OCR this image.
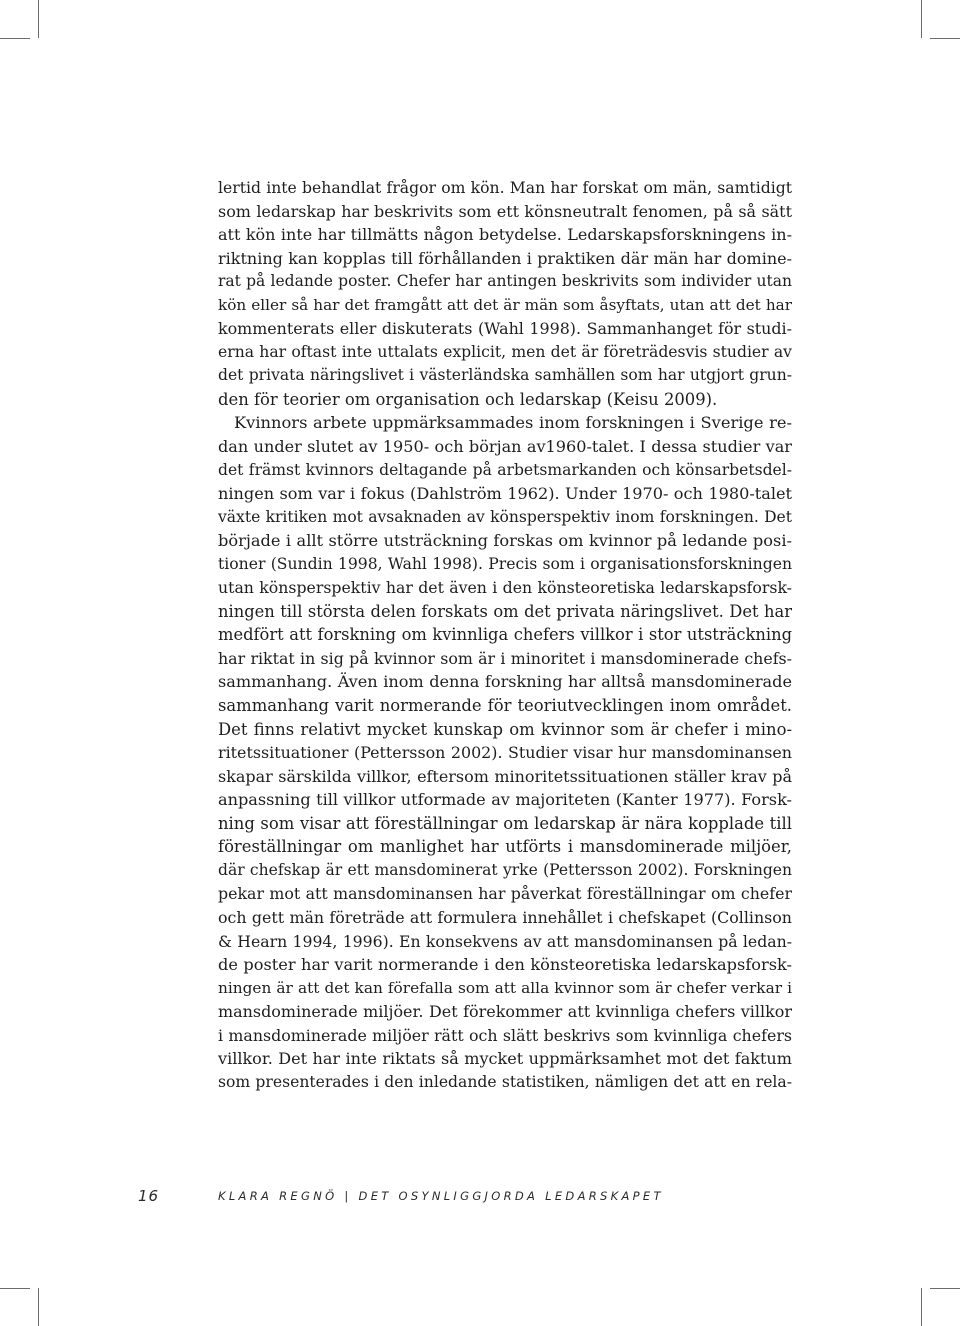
lertid inte behandlat frågor om kön. Man har forskat om män, samtidigt
som ledarskap har beskrivits som ett könsneutralt fenomen, på så sätt
att kön inte har tillmätts någon betydelse. Ledarskapsforskningens in-
riktning kan kopplas till förhållanden i praktiken där män har domine-
rat på ledande poster. Chefer har antingen beskrivits som individer utan
kön eller så har det framgått att det är män som åsyftats, utan att det har
kommenterats eller diskuterats (Wahl 1998). Sammanhanget för studi-
erna har oftast inte uttalats explicit, men det är företrädesvis studier av
det privata näringslivet i västerländska samhällen som har utgjort grun-
den för teorier om organisation och ledarskap (Keisu 2009).
Kvinnors arbete uppmärksammades inom forskningen i Sverige re-
dan under slutet av 1950- och början av1960-talet. I dessa studier var
det främst kvinnors deltagande på arbetsmarkanden och könsarbetsdel-
ningen som var i fokus (Dahlström 1962). Under 1970- och 1980-talet
växte kritiken mot avsaknaden av könsperspektiv inom forskningen. Det
började i allt större utsträckning forskas om kvinnor på ledande posi-
tioner (Sundin 1998, Wahl 1998). Precis som i organisationsforskningen
utan könsperspektiv har det även i den könsteoretiska ledarskapsforsk-
ningen till största delen forskats om det privata näringslivet. Det har
medfört att forskning om kvinnliga chefers villkor i stor utsträckning
har riktat in sig på kvinnor som är i minoritet i mansdominerade chefs-
sammanhang. Även inom denna forskning har alltså mansdominerade
sammanhang varit normerande för teoriutvecklingen inom området.
Det finns relativt mycket kunskap om kvinnor som är chefer i mino-
ritetssituationer (Pettersson 2002). Studier visar hur mansdominansen
skapar särskilda villkor, eftersom minoritetssituationen ställer krav på
anpassning till villkor utformade av majoriteten (Kanter 1977). Forsk-
ning som visar att föreställningar om ledarskap är nära kopplade till
föreställningar om manlighet har utförts i mansdominerade miljöer,
där chefskap är ett mansdominerat yrke (Pettersson 2002). Forskningen
pekar mot att mansdominansen har påverkat föreställningar om chefer
och gett män företräde att formulera innehållet i chefskapet (Collinson
& Hearn 1994, 1996). En konsekvens av att mansdominansen på ledan-
de poster har varit normerande i den könsteoretiska ledarskapsforsk-
ningen är att det kan förefalla som att alla kvinnor som är chefer verkar i
mansdominerade miljöer. Det förekommer att kvinnliga chefers villkor
i mansdominerade miljöer rätt och slätt beskrivs som kvinnliga chefers
villkor. Det har inte riktats så mycket uppmärksamhet mot det faktum
som presenterades i den inledande statistiken, nämligen det att en rela-
16	KLARA REGNÖ | DET OSYNLIGGJORDA LEDARSKAPET
